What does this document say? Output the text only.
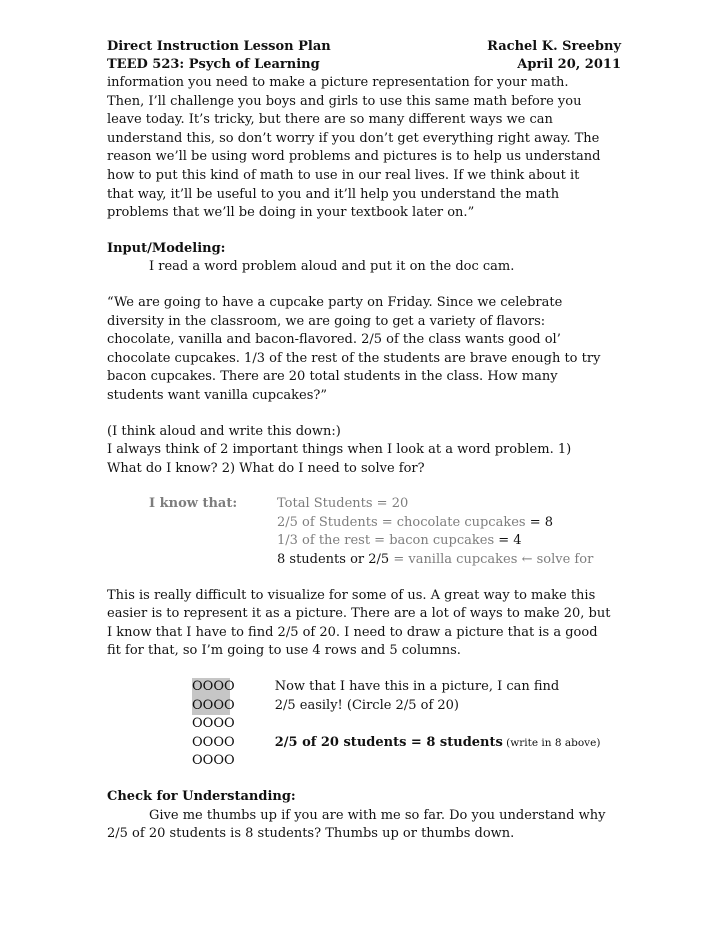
Direct Instruction Lesson Plan	Rachel K. Sreebny
TEED 523: Psych of Learning	April 20, 2011

information you need to make a picture representation for your math.

Then, I’ll challenge you boys and girls to use this same math before you

leave today. It’s tricky, but there are so many different ways we can

understand this, so don’t worry if you don’t get everything right away. The

reason we’ll be using word problems and pictures is to help us understand

how to put this kind of math to use in our real lives. If we think about it

that way, it’ll be useful to you and it’ll help you understand the math

problems that we’ll be doing in your textbook later on.”

Input/Modeling:

I read a word problem aloud and put it on the doc cam.

“We are going to have a cupcake party on Friday. Since we celebrate

diversity in the classroom, we are going to get a variety of flavors:

chocolate, vanilla and bacon-flavored. 2/5 of the class wants good ol’

chocolate cupcakes. 1/3 of the rest of the students are brave enough to try

bacon cupcakes. There are 20 total students in the class. How many

students want vanilla cupcakes?”

(I think aloud and write this down:)

I always think of 2 important things when I look at a word problem. 1)

What do I know? 2) What do I need to solve for?

I know that:	Total Students = 20

2/5 of Students = chocolate cupcakes = 8

1/3 of the rest = bacon cupcakes = 4

8 students or 2/5 = vanilla cupcakes ← solve for

This is really difficult to visualize for some of us. A great way to make this

easier is to represent it as a picture. There are a lot of ways to make 20, but

I know that I have to find 2/5 of 20. I need to draw a picture that is a good

fit for that, so I’m going to use 4 rows and 5 columns.

OOOO
OOOO
OOOO
OOOO
OOOO

Now that I have this in a picture, I can find

2/5 easily! (Circle 2/5 of 20)

2/5 of 20 students = 8 students (write in 8 above)

Check for Understanding:

Give me thumbs up if you are with me so far. Do you understand why

2/5 of 20 students is 8 students? Thumbs up or thumbs down.
